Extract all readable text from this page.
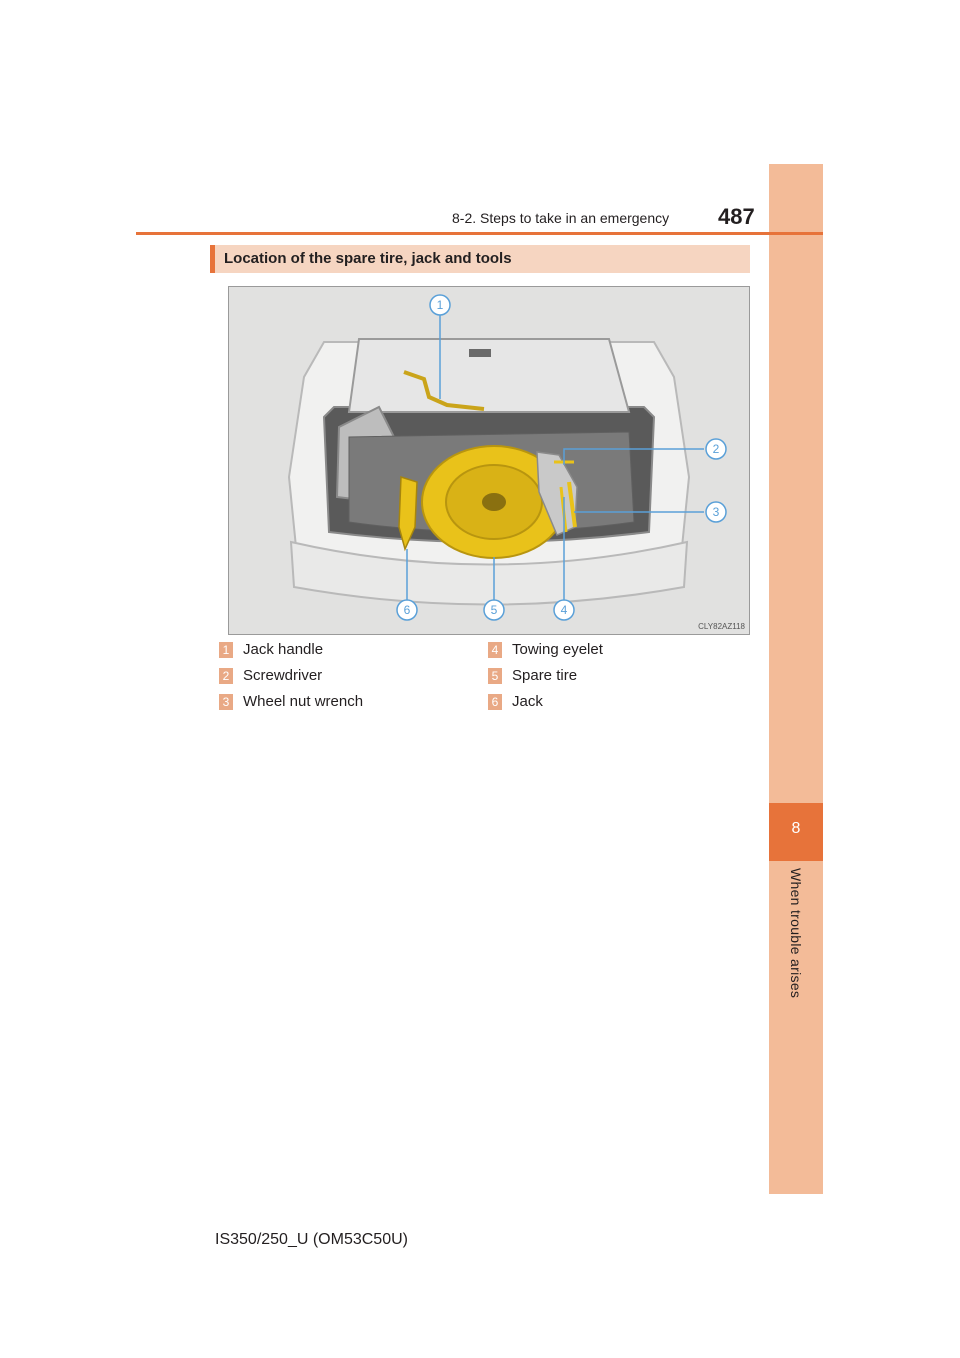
8
When trouble arises
8-2. Steps to take in an emergency 487
Location of the spare tire, jack and tools
1
2
3
4
5
6
CLY82AZ118
1 Jack handle
2 Screwdriver
3 Wheel nut wrench
4 Towing eyelet
5 Spare tire
6 Jack
IS350/250_U (OM53C50U)
